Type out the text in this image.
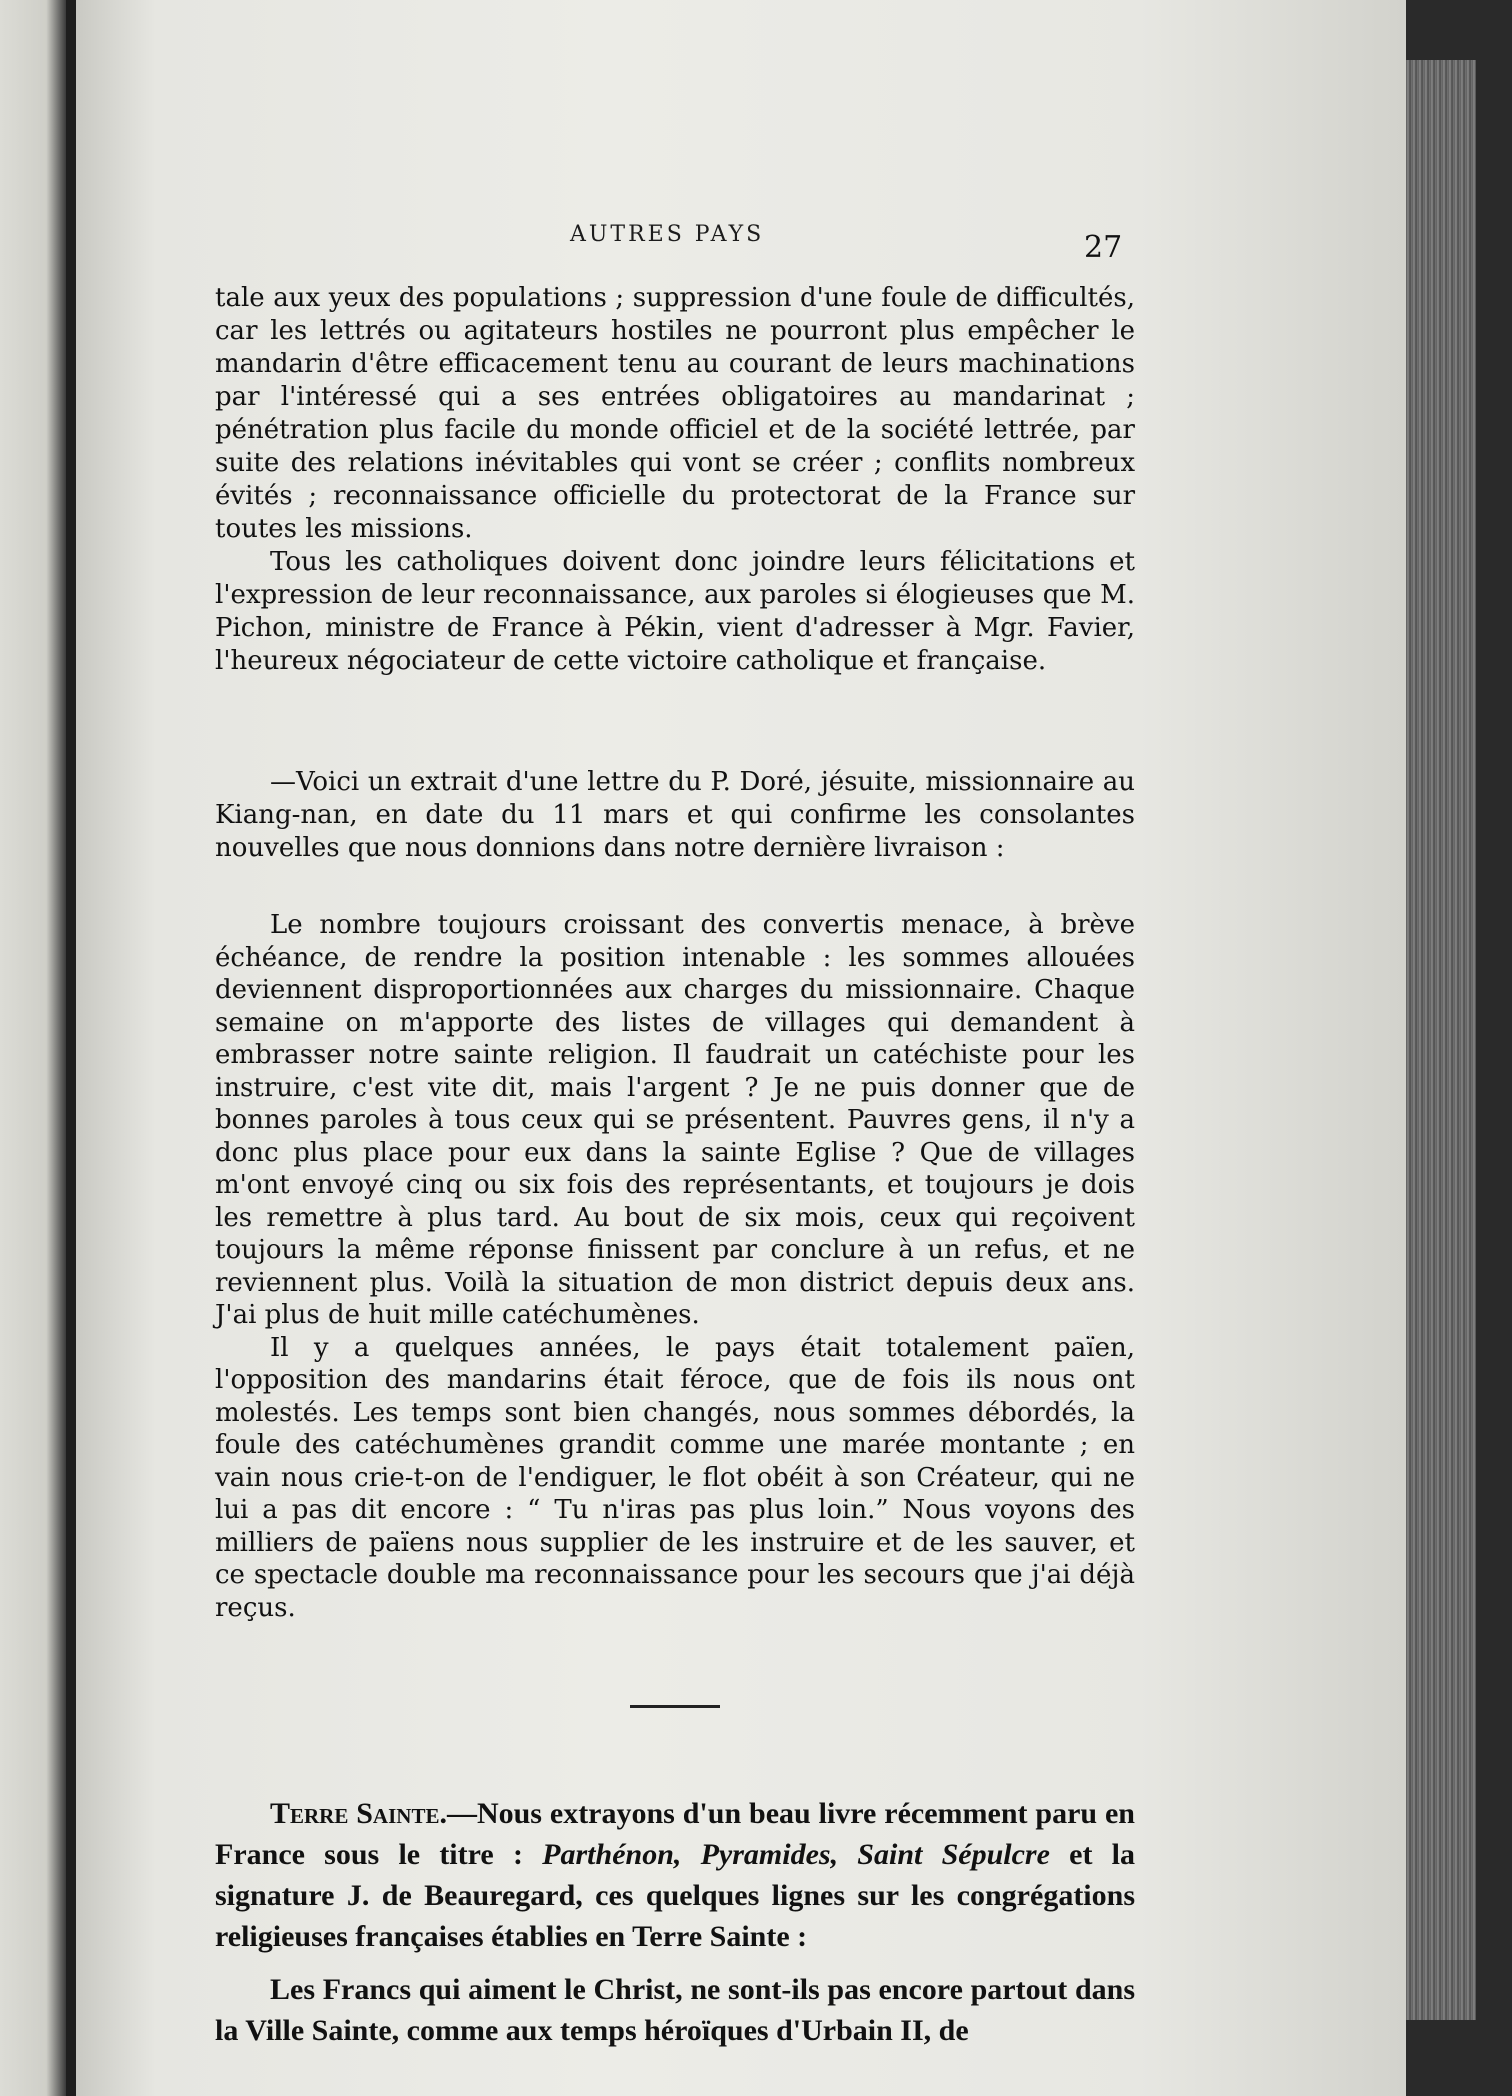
AUTRES PAYS	27

tale aux yeux des populations ; suppression d'une foule de difficultés, car les lettrés ou agitateurs hostiles ne pourront plus empêcher le mandarin d'être efficacement tenu au courant de leurs machinations par l'intéressé qui a ses entrées obligatoires au mandarinat ; pénétration plus facile du monde officiel et de la société lettrée, par suite des relations inévitables qui vont se créer ; conflits nombreux évités ; reconnaissance officielle du protectorat de la France sur toutes les missions.

Tous les catholiques doivent donc joindre leurs félicitations et l'expression de leur reconnaissance, aux paroles si élogieuses que M. Pichon, ministre de France à Pékin, vient d'adresser à Mgr. Favier, l'heureux négociateur de cette victoire catholique et française.

—Voici un extrait d'une lettre du P. Doré, jésuite, missionnaire au Kiang-nan, en date du 11 mars et qui confirme les consolantes nouvelles que nous donnions dans notre dernière livraison :

Le nombre toujours croissant des convertis menace, à brève échéance, de rendre la position intenable : les sommes allouées deviennent disproportionnées aux charges du missionnaire. Chaque semaine on m'apporte des listes de villages qui demandent à embrasser notre sainte religion. Il faudrait un catéchiste pour les instruire, c'est vite dit, mais l'argent ? Je ne puis donner que de bonnes paroles à tous ceux qui se présentent. Pauvres gens, il n'y a donc plus place pour eux dans la sainte Eglise ? Que de villages m'ont envoyé cinq ou six fois des représentants, et toujours je dois les remettre à plus tard. Au bout de six mois, ceux qui reçoivent toujours la même réponse finissent par conclure à un refus, et ne reviennent plus. Voilà la situation de mon district depuis deux ans. J'ai plus de huit mille catéchumènes.

Il y a quelques années, le pays était totalement païen, l'opposition des mandarins était féroce, que de fois ils nous ont molestés. Les temps sont bien changés, nous sommes débordés, la foule des catéchumènes grandit comme une marée montante ; en vain nous crie-t-on de l'endiguer, le flot obéit à son Créateur, qui ne lui a pas dit encore : “ Tu n'iras pas plus loin.” Nous voyons des milliers de païens nous supplier de les instruire et de les sauver, et ce spectacle double ma reconnaissance pour les secours que j'ai déjà reçus.

Terre Sainte.—Nous extrayons d'un beau livre récemment paru en France sous le titre : Parthénon, Pyramides, Saint Sépulcre et la signature J. de Beauregard, ces quelques lignes sur les congrégations religieuses françaises établies en Terre Sainte :

Les Francs qui aiment le Christ, ne sont-ils pas encore partout dans la Ville Sainte, comme aux temps héroïques d'Urbain II, de
